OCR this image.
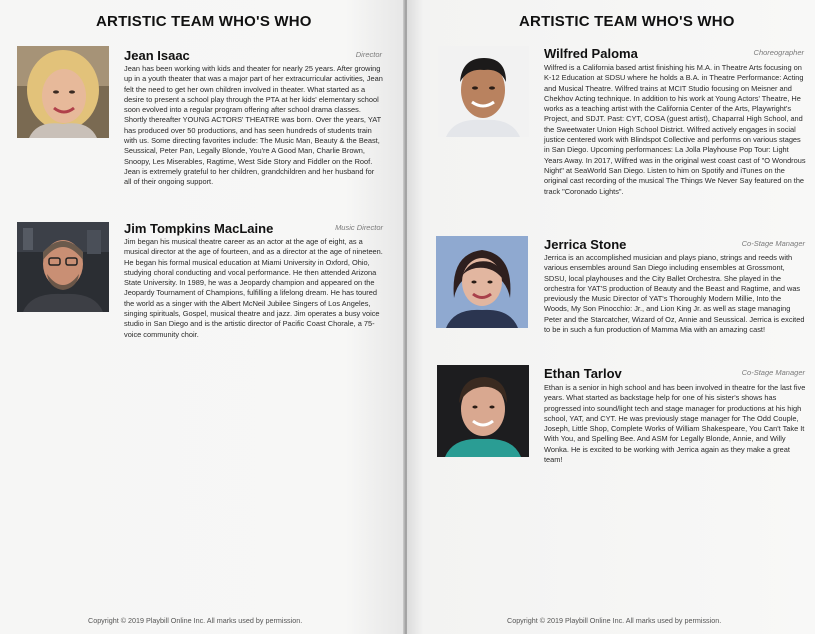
ARTISTIC TEAM WHO'S WHO
Jean Isaac	Director

Jean has been working with kids and theater for nearly 25 years. After growing up in a youth theater that was a major part of her extracurricular activities, Jean felt the need to get her own children involved in theater. What started as a desire to present a school play through the PTA at her kids' elementary school soon evolved into a regular program offering after school drama classes. Shortly thereafter YOUNG ACTORS' THEATRE was born. Over the years, YAT has produced over 50 productions, and has seen hundreds of students train with us. Some directing favorites include: The Music Man, Beauty & the Beast, Seussical, Peter Pan, Legally Blonde, You're A Good Man, Charlie Brown, Snoopy, Les Miserables, Ragtime, West Side Story and Fiddler on the Roof. Jean is extremely grateful to her children, grandchildren and her husband for all of their ongoing support.

Jim Tompkins MacLaine	Music Director

Jim began his musical theatre career as an actor at the age of eight, as a musical director at the age of fourteen, and as a director at the age of nineteen. He began his formal musical education at Miami University in Oxford, Ohio, studying choral conducting and vocal performance. He then attended Arizona State University. In 1989, he was a Jeopardy champion and appeared on the Jeopardy Tournament of Champions, fulfilling a lifelong dream. He has toured the world as a singer with the Albert McNeil Jubilee Singers of Los Angeles, singing spirituals, Gospel, musical theatre and jazz. Jim operates a busy voice studio in San Diego and is the artistic director of Pacific Coast Chorale, a 75-voice community choir.

Copyright © 2019 Playbill Online Inc. All marks used by permission.
ARTISTIC TEAM WHO'S WHO
Wilfred Paloma	Choreographer

Wilfred is a California based artist finishing his M.A. in Theatre Arts focusing on K-12 Education at SDSU where he holds a B.A. in Theatre Performance: Acting and Musical Theatre. Wilfred trains at MCIT Studio focusing on Meisner and Chekhov Acting technique. In addition to his work at Young Actors' Theatre, He works as a teaching artist with the California Center of the Arts, Playwright's Project, and SDJT. Past: CYT, COSA (guest artist), Chaparral High School, and the Sweetwater Union High School District. Wilfred actively engages in social justice centered work with Blindspot Collective and performs on various stages in San Diego. Upcoming performances: La Jolla Playhouse Pop Tour: Light Years Away. In 2017, Wilfred was in the original west coast cast of "O Wondrous Night" at SeaWorld San Diego. Listen to him on Spotify and iTunes on the original cast recording of the musical The Things We Never Say featured on the track "Coronado Lights".

Jerrica Stone	Co-Stage Manager

Jerrica is an accomplished musician and plays piano, strings and reeds with various ensembles around San Diego including ensembles at Grossmont, SDSU, local playhouses and the City Ballet Orchestra. She played in the orchestra for YAT'S production of Beauty and the Beast and Ragtime, and was previously the Music Director of YAT's Thoroughly Modern Millie, Into the Woods, My Son Pinocchio: Jr., and Lion King Jr. as well as stage managing Peter and the Starcatcher, Wizard of Oz, Annie and Seussical. Jerrica is excited to be in such a fun production of Mamma Mia with an amazing cast!

Ethan Tarlov	Co-Stage Manager

Ethan is a senior in high school and has been involved in theatre for the last five years. What started as backstage help for one of his sister's shows has progressed into sound/light tech and stage manager for productions at his high school, YAT, and CYT. He was previously stage manager for The Odd Couple, Joseph, Little Shop, Complete Works of William Shakespeare, You Can't Take It With You, and Spelling Bee. And ASM for Legally Blonde, Annie, and Willy Wonka. He is excited to be working with Jerrica again as they make a great team!

Copyright © 2019 Playbill Online Inc. All marks used by permission.
